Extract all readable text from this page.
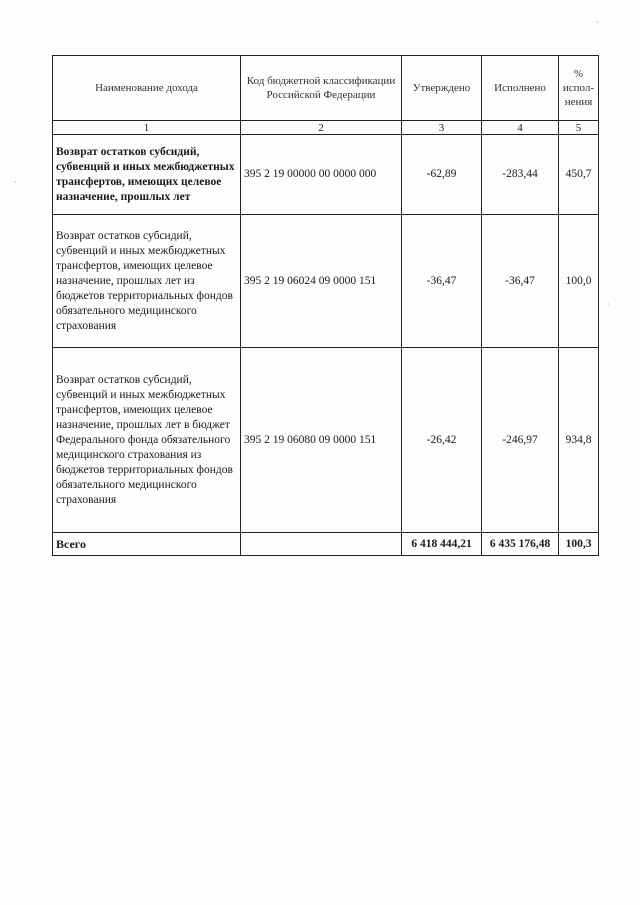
Наименование дохода	Код бюджетной классификации Российской Федерации	Утверждено	Исполнено	% испол-нения
1	2	3	4	5
Возврат остатков субсидий, субвенций и иных межбюджетных трансфертов, имеющих целевое назначение, прошлых лет	395 2 19 00000 00 0000 000	-62,89	-283,44	450,7
Возврат остатков субсидий, субвенций и иных межбюджетных трансфертов, имеющих целевое назначение, прошлых лет из бюджетов территориальных фондов обязательного медицинского страхования	395 2 19 06024 09 0000 151	-36,47	-36,47	100,0
Возврат остатков субсидий, субвенций и иных межбюджетных трансфертов, имеющих целевое назначение, прошлых лет в бюджет Федерального фонда обязательного медицинского страхования из бюджетов территориальных фондов обязательного медицинского страхования	395 2 19 06080 09 0000 151	-26,42	-246,97	934,8
Всего		6 418 444,21	6 435 176,48	100,3
·
·
·
